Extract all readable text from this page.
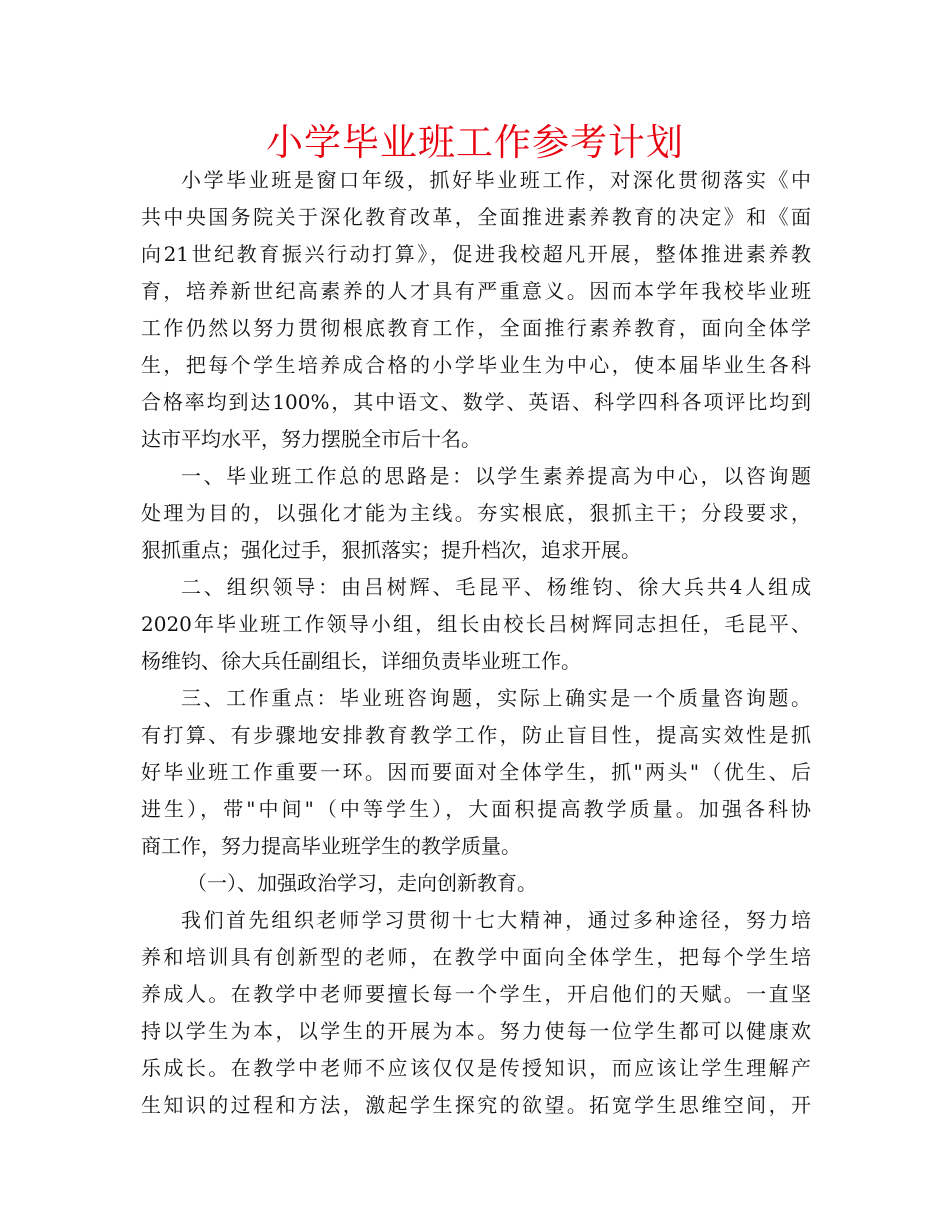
小学毕业班工作参考计划
小学毕业班是窗口年级，抓好毕业班工作，对深化贯彻落实《中
共中央国务院关于深化教育改革，全面推进素养教育的决定》和《面
向21世纪教育振兴行动打算》，促进我校超凡开展，整体推进素养教
育，培养新世纪高素养的人才具有严重意义。因而本学年我校毕业班
工作仍然以努力贯彻根底教育工作，全面推行素养教育，面向全体学
生，把每个学生培养成合格的小学毕业生为中心，使本届毕业生各科
合格率均到达100%，其中语文、数学、英语、科学四科各项评比均到
达市平均水平，努力摆脱全市后十名。
一、毕业班工作总的思路是：以学生素养提高为中心，以咨询题
处理为目的，以强化才能为主线。夯实根底，狠抓主干；分段要求，
狠抓重点；强化过手，狠抓落实；提升档次，追求开展。
二、组织领导：由吕树辉、毛昆平、杨维钧、徐大兵共4人组成
2020年毕业班工作领导小组，组长由校长吕树辉同志担任，毛昆平、
杨维钧、徐大兵任副组长，详细负责毕业班工作。
三、工作重点：毕业班咨询题，实际上确实是一个质量咨询题。
有打算、有步骤地安排教育教学工作，防止盲目性，提高实效性是抓
好毕业班工作重要一环。因而要面对全体学生，抓"两头"（优生、后
进生），带"中间"（中等学生），大面积提高教学质量。加强各科协
商工作，努力提高毕业班学生的教学质量。
（一）、加强政治学习，走向创新教育。
我们首先组织老师学习贯彻十七大精神，通过多种途径，努力培
养和培训具有创新型的老师，在教学中面向全体学生，把每个学生培
养成人。在教学中老师要擅长每一个学生，开启他们的天赋。一直坚
持以学生为本，以学生的开展为本。努力使每一位学生都可以健康欢
乐成长。在教学中老师不应该仅仅是传授知识，而应该让学生理解产
生知识的过程和方法，激起学生探究的欲望。拓宽学生思维空间，开
